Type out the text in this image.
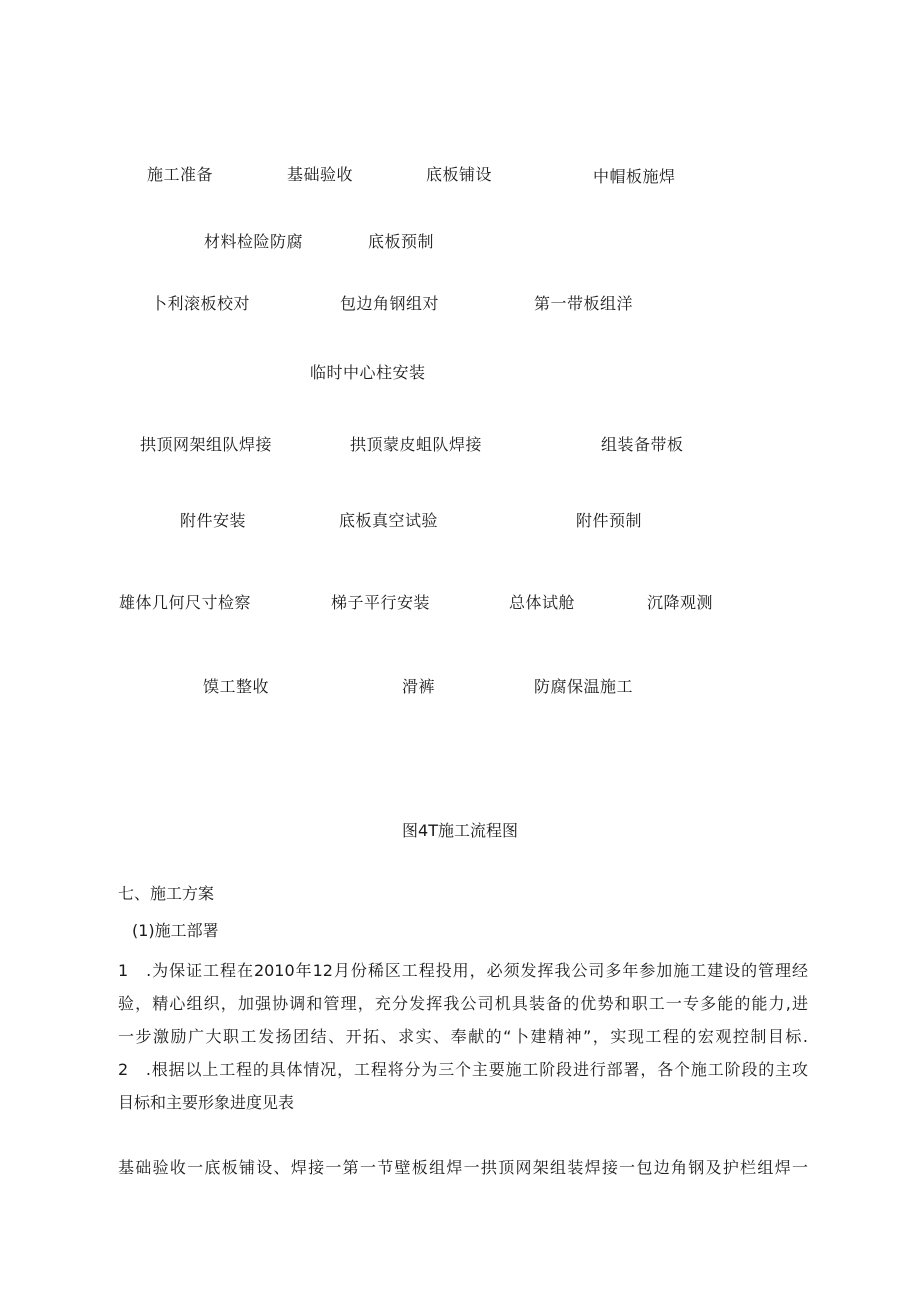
施工准备	基础验收	底板铺设	中帽板施焊
材料检险防腐	底板预制
卜利滚板校对	包边角钢组对	第一带板组洋
临时中心柱安装
拱顶网架组队焊接	拱顶蒙皮蛆队焊接	组装备带板
附件安装	底板真空试验	附件预制
雄体几何尺寸检察	梯子平行安装	总体试舱	沉降观测
馍工整收	滑裤	防腐保温施工
图4T施工流程图
七、施工方案
(1)施工部署
1　.为保证工程在2010年12月份稀区工程投用，必须发挥我公司多年参加施工建设的管理经
验，精心组织，加强协调和管理，充分发挥我公司机具装备的优势和职工一专多能的能力,进
一步激励广大职工发扬团结、开拓、求实、奉献的“卜建精神”，实现工程的宏观控制目标.
2　.根据以上工程的具体情况，工程将分为三个主要施工阶段进行部署，各个施工阶段的主攻
目标和主要形象进度见表
基础验收一底板铺设、焊接一第一节壁板组焊一拱顶网架组装焊接一包边角钢及护栏组焊一
